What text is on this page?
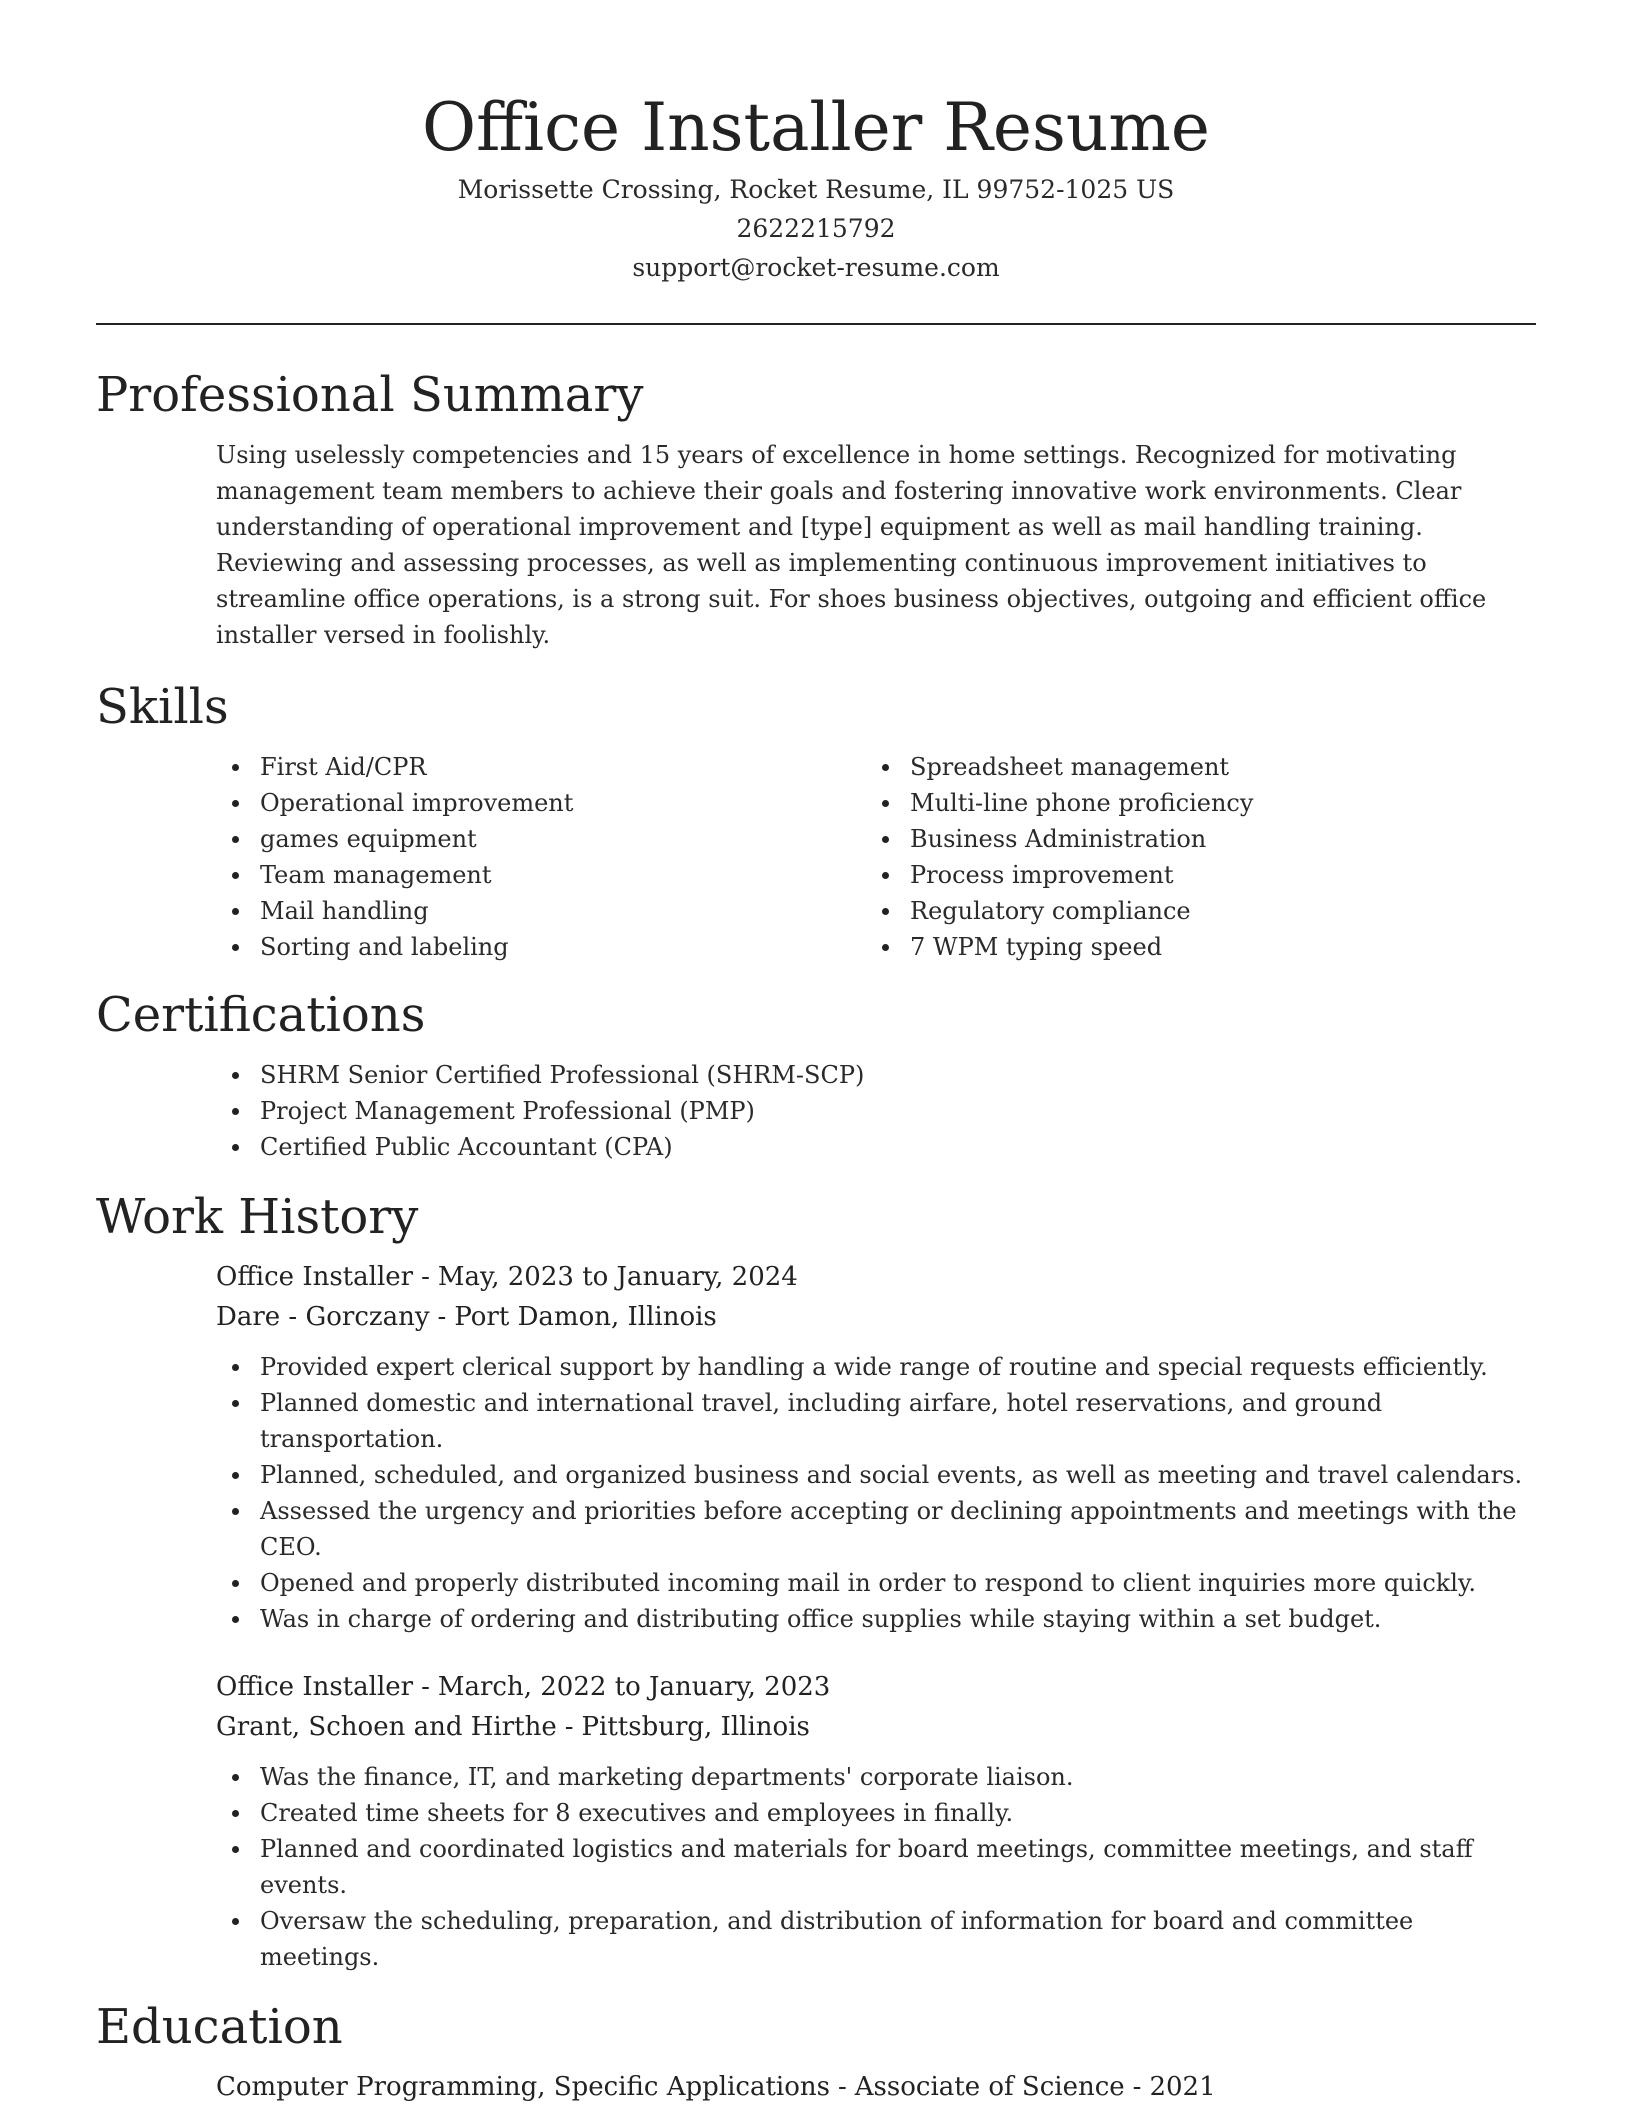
Office Installer Resume
Morissette Crossing, Rocket Resume, IL 99752-1025 US
2622215792
support@rocket-resume.com
Professional Summary

Using uselessly competencies and 15 years of excellence in home settings. Recognized for motivating management team members to achieve their goals and fostering innovative work environments. Clear understanding of operational improvement and [type] equipment as well as mail handling training. Reviewing and assessing processes, as well as implementing continuous improvement initiatives to streamline office operations, is a strong suit. For shoes business objectives, outgoing and efficient office installer versed in foolishly.

Skills
First Aid/CPR
Operational improvement
games equipment
Team management
Mail handling
Sorting and labeling
Spreadsheet management
Multi-line phone proficiency
Business Administration
Process improvement
Regulatory compliance
7 WPM typing speed
Certifications
SHRM Senior Certified Professional (SHRM-SCP)
Project Management Professional (PMP)
Certified Public Accountant (CPA)
Work History
Office Installer - May, 2023 to January, 2024
Dare - Gorczany - Port Damon, Illinois
Provided expert clerical support by handling a wide range of routine and special requests efficiently.
Planned domestic and international travel, including airfare, hotel reservations, and ground transportation.
Planned, scheduled, and organized business and social events, as well as meeting and travel calendars.
Assessed the urgency and priorities before accepting or declining appointments and meetings with the CEO.
Opened and properly distributed incoming mail in order to respond to client inquiries more quickly.
Was in charge of ordering and distributing office supplies while staying within a set budget.
Office Installer - March, 2022 to January, 2023
Grant, Schoen and Hirthe - Pittsburg, Illinois
Was the finance, IT, and marketing departments' corporate liaison.
Created time sheets for 8 executives and employees in finally.
Planned and coordinated logistics and materials for board meetings, committee meetings, and staff events.
Oversaw the scheduling, preparation, and distribution of information for board and committee meetings.
Education
Computer Programming, Specific Applications - Associate of Science - 2021
